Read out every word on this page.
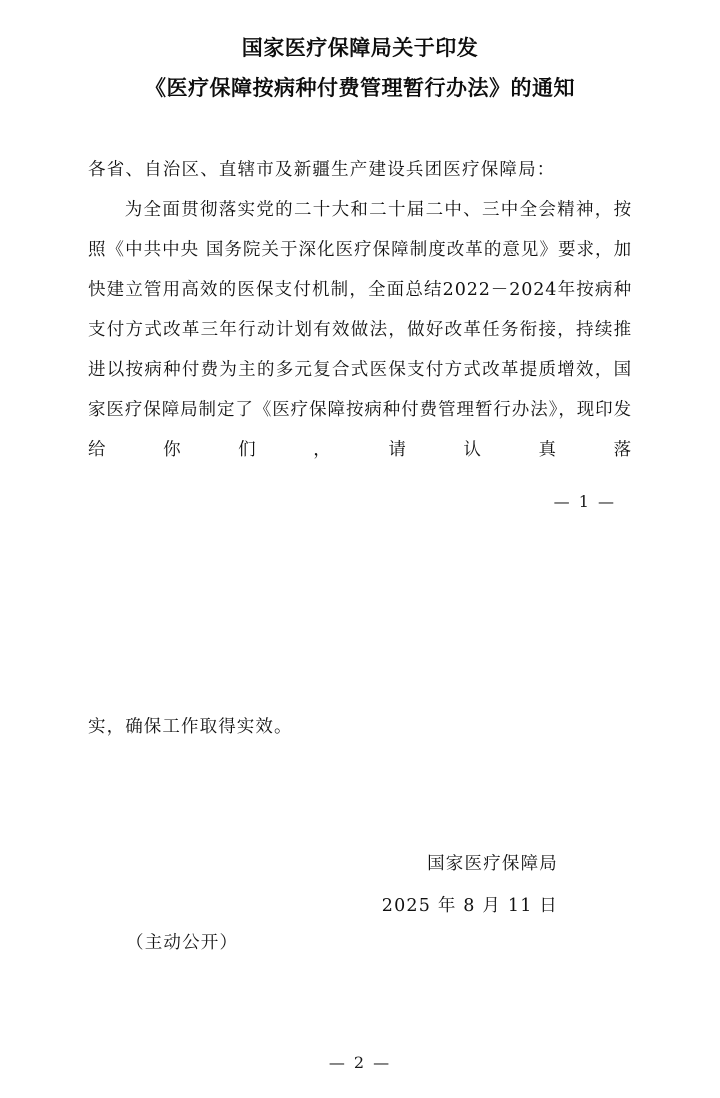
国家医疗保障局关于印发
《医疗保障按病种付费管理暂行办法》的通知
各省、自治区、直辖市及新疆生产建设兵团医疗保障局：
为全面贯彻落实党的二十大和二十届二中、三中全会精神，按照《中共中央 国务院关于深化医疗保障制度改革的意见》要求，加快建立管用高效的医保支付机制，全面总结2022－2024年按病种支付方式改革三年行动计划有效做法，做好改革任务衔接，持续推进以按病种付费为主的多元复合式医保支付方式改革提质增效，国家医疗保障局制定了《医疗保障按病种付费管理暂行办法》，现印发给你们，请认真落
— 1 —
实，确保工作取得实效。
国家医疗保障局
2025 年 8 月 11 日
（主动公开）
— 2 —
